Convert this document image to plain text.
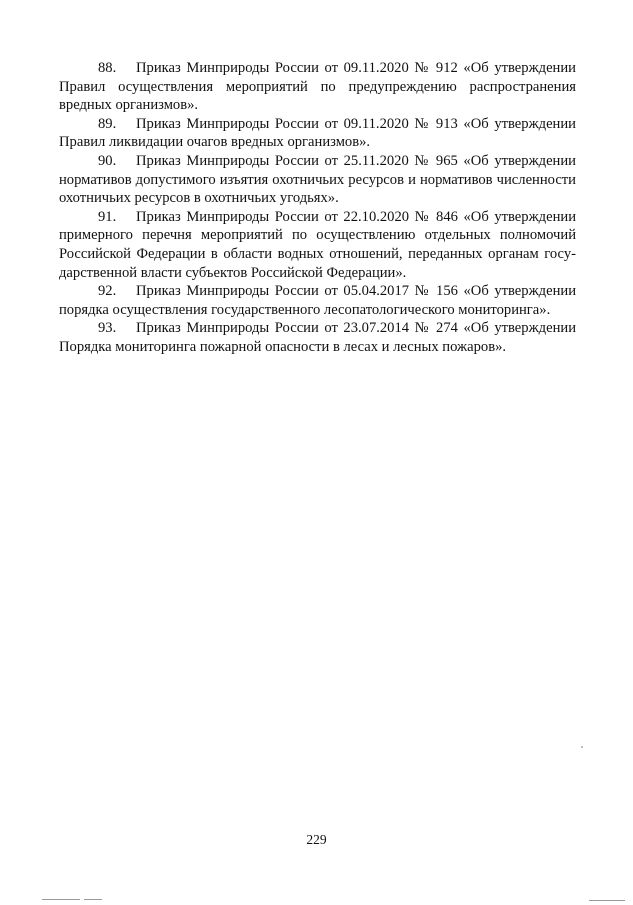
88. Приказ Минприроды России от 09.11.2020 № 912 «Об утверждении Правил осуществления мероприятий по предупреждению распространения вредных организмов».

89. Приказ Минприроды России от 09.11.2020 № 913 «Об утверждении Правил ликвидации очагов вредных организмов».

90. Приказ Минприроды России от 25.11.2020 № 965 «Об утверждении нормативов допустимого изъятия охотничьих ресурсов и нормативов численности охотничьих ресурсов в охотничьих угодьях».

91. Приказ Минприроды России от 22.10.2020 № 846 «Об утверждении примерного перечня мероприятий по осуществлению отдельных полномочий Российской Федерации в области водных отношений, переданных органам государственной власти субъектов Российской Федерации».

92. Приказ Минприроды России от 05.04.2017 № 156 «Об утверждении порядка осуществления государственного лесопатологического мониторинга».

93. Приказ Минприроды России от 23.07.2014 № 274 «Об утверждении Порядка мониторинга пожарной опасности в лесах и лесных пожаров».

229
